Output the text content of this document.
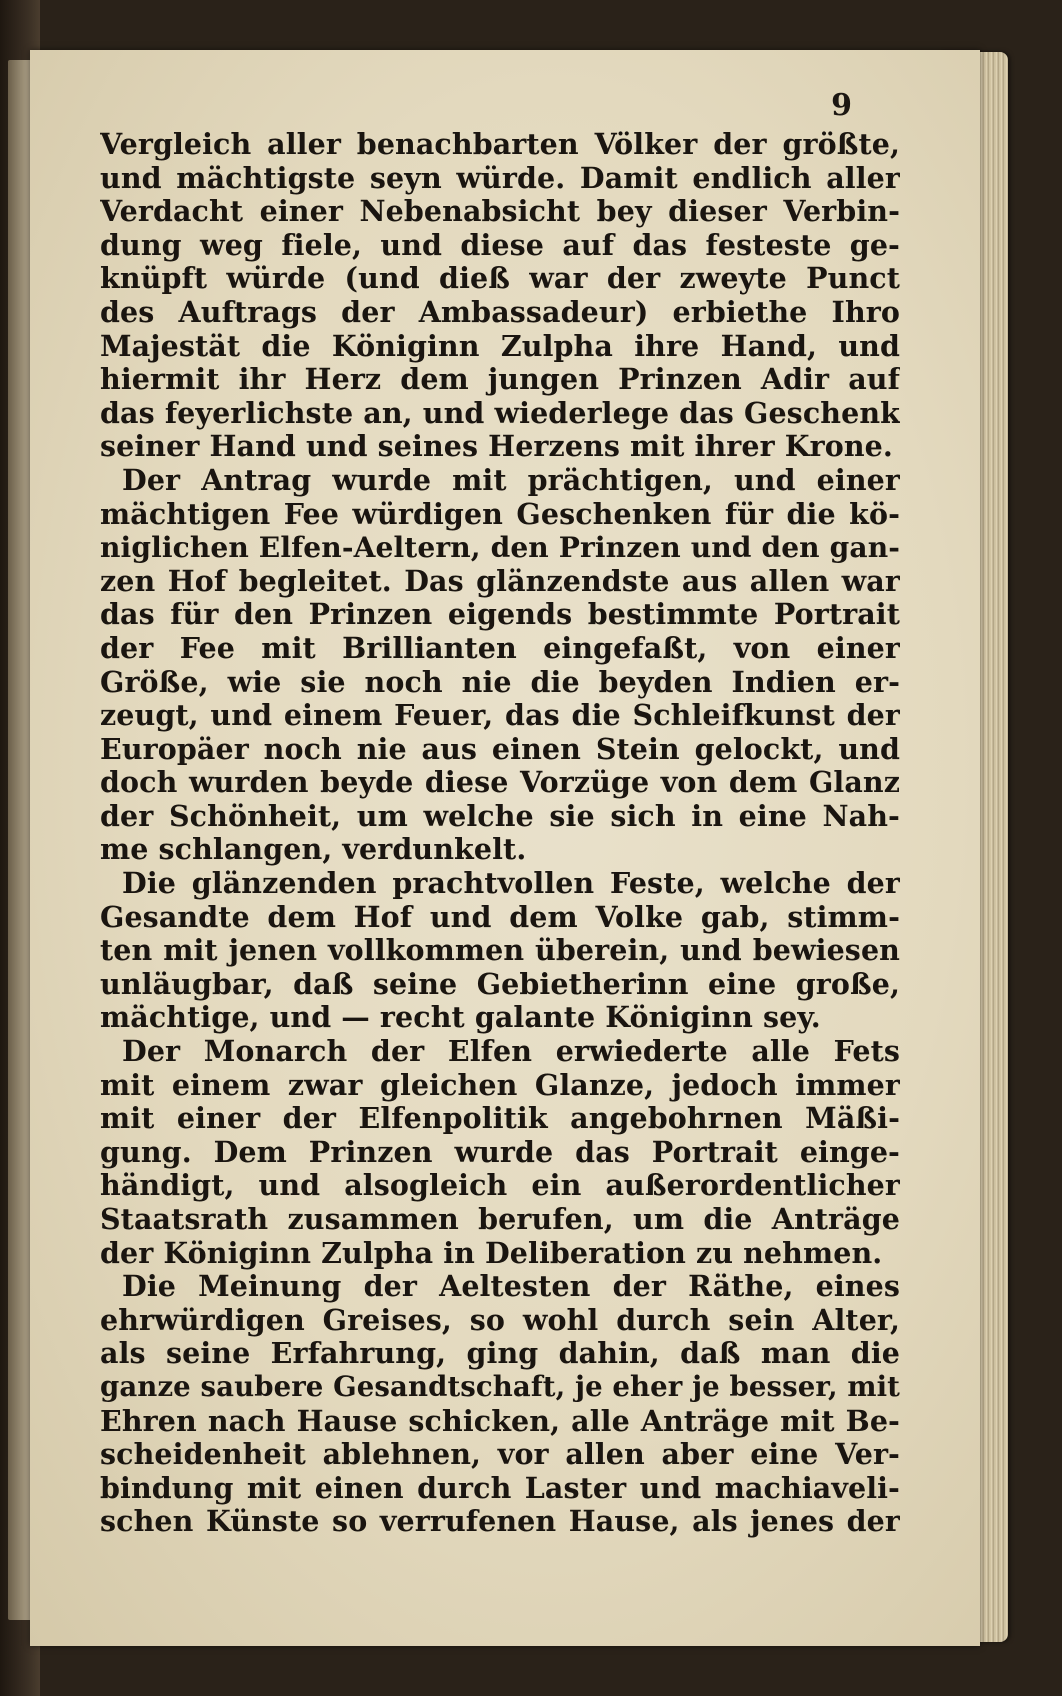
9
Vergleich aller benachbarten Völker der größte,
und mächtigste seyn würde. Damit endlich aller
Verdacht einer Nebenabsicht bey dieser Verbin-
dung weg fiele, und diese auf das festeste ge-
knüpft würde (und dieß war der zweyte Punct
des Auftrags der Ambassadeur) erbiethe Ihro
Majestät die Königinn Zulpha ihre Hand, und
hiermit ihr Herz dem jungen Prinzen Adir auf
das feyerlichste an, und wiederlege das Geschenk
seiner Hand und seines Herzens mit ihrer Krone.
Der Antrag wurde mit prächtigen, und einer
mächtigen Fee würdigen Geschenken für die kö-
niglichen Elfen-Aeltern, den Prinzen und den gan-
zen Hof begleitet. Das glänzendste aus allen war
das für den Prinzen eigends bestimmte Portrait
der Fee mit Brillianten eingefaßt, von einer
Größe, wie sie noch nie die beyden Indien er-
zeugt, und einem Feuer, das die Schleifkunst der
Europäer noch nie aus einen Stein gelockt, und
doch wurden beyde diese Vorzüge von dem Glanz
der Schönheit, um welche sie sich in eine Nah-
me schlangen, verdunkelt.
Die glänzenden prachtvollen Feste, welche der
Gesandte dem Hof und dem Volke gab, stimm-
ten mit jenen vollkommen überein, und bewiesen
unläugbar, daß seine Gebietherinn eine große,
mächtige, und — recht galante Königinn sey.
Der Monarch der Elfen erwiederte alle Fets
mit einem zwar gleichen Glanze, jedoch immer
mit einer der Elfenpolitik angebohrnen Mäßi-
gung. Dem Prinzen wurde das Portrait einge-
händigt, und alsogleich ein außerordentlicher
Staatsrath zusammen berufen, um die Anträge
der Königinn Zulpha in Deliberation zu nehmen.
Die Meinung der Aeltesten der Räthe, eines
ehrwürdigen Greises, so wohl durch sein Alter,
als seine Erfahrung, ging dahin, daß man die
ganze saubere Gesandtschaft, je eher je besser, mit
Ehren nach Hause schicken, alle Anträge mit Be-
scheidenheit ablehnen, vor allen aber eine Ver-
bindung mit einen durch Laster und machiaveli-
schen Künste so verrufenen Hause, als jenes der
